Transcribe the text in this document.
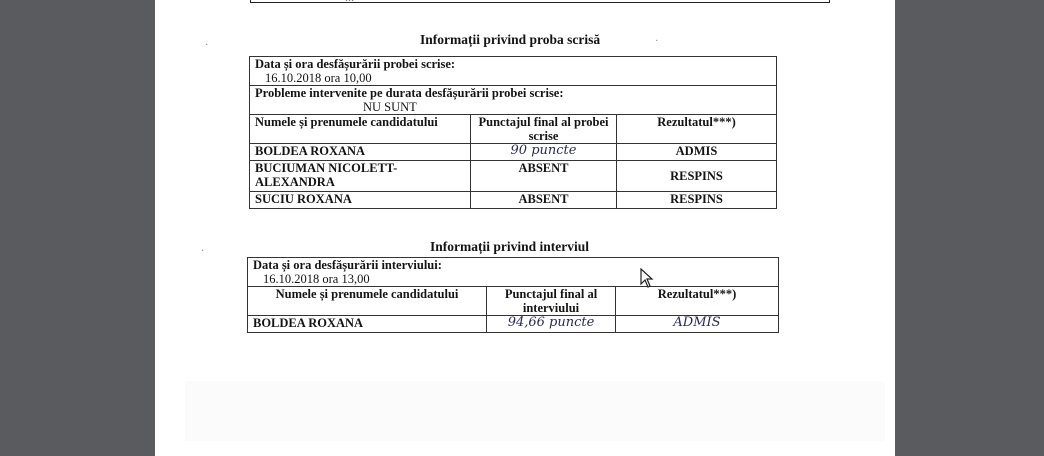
·	·
·
Informații privind proba scrisă
Data și ora desfășurării probei scrise:
16.10.2018 ora 10,00		

Probleme intervenite pe durata desfășurării probei scrise:
NU SUNT		

Numele și prenumele candidatului	Punctajul final al probei scrise	Rezultatul***)
BOLDEA ROXANA	90 puncte	ADMIS
BUCIUMAN NICOLETT-ALEXANDRA	ABSENT	RESPINS
SUCIU ROXANA	ABSENT	RESPINS
Informații privind interviul
Data și ora desfășurării interviului:
16.10.2018 ora 13,00		

Numele și prenumele candidatului	Punctajul final al interviului	Rezultatul***)
BOLDEA ROXANA	94,66 puncte	ADMIS
